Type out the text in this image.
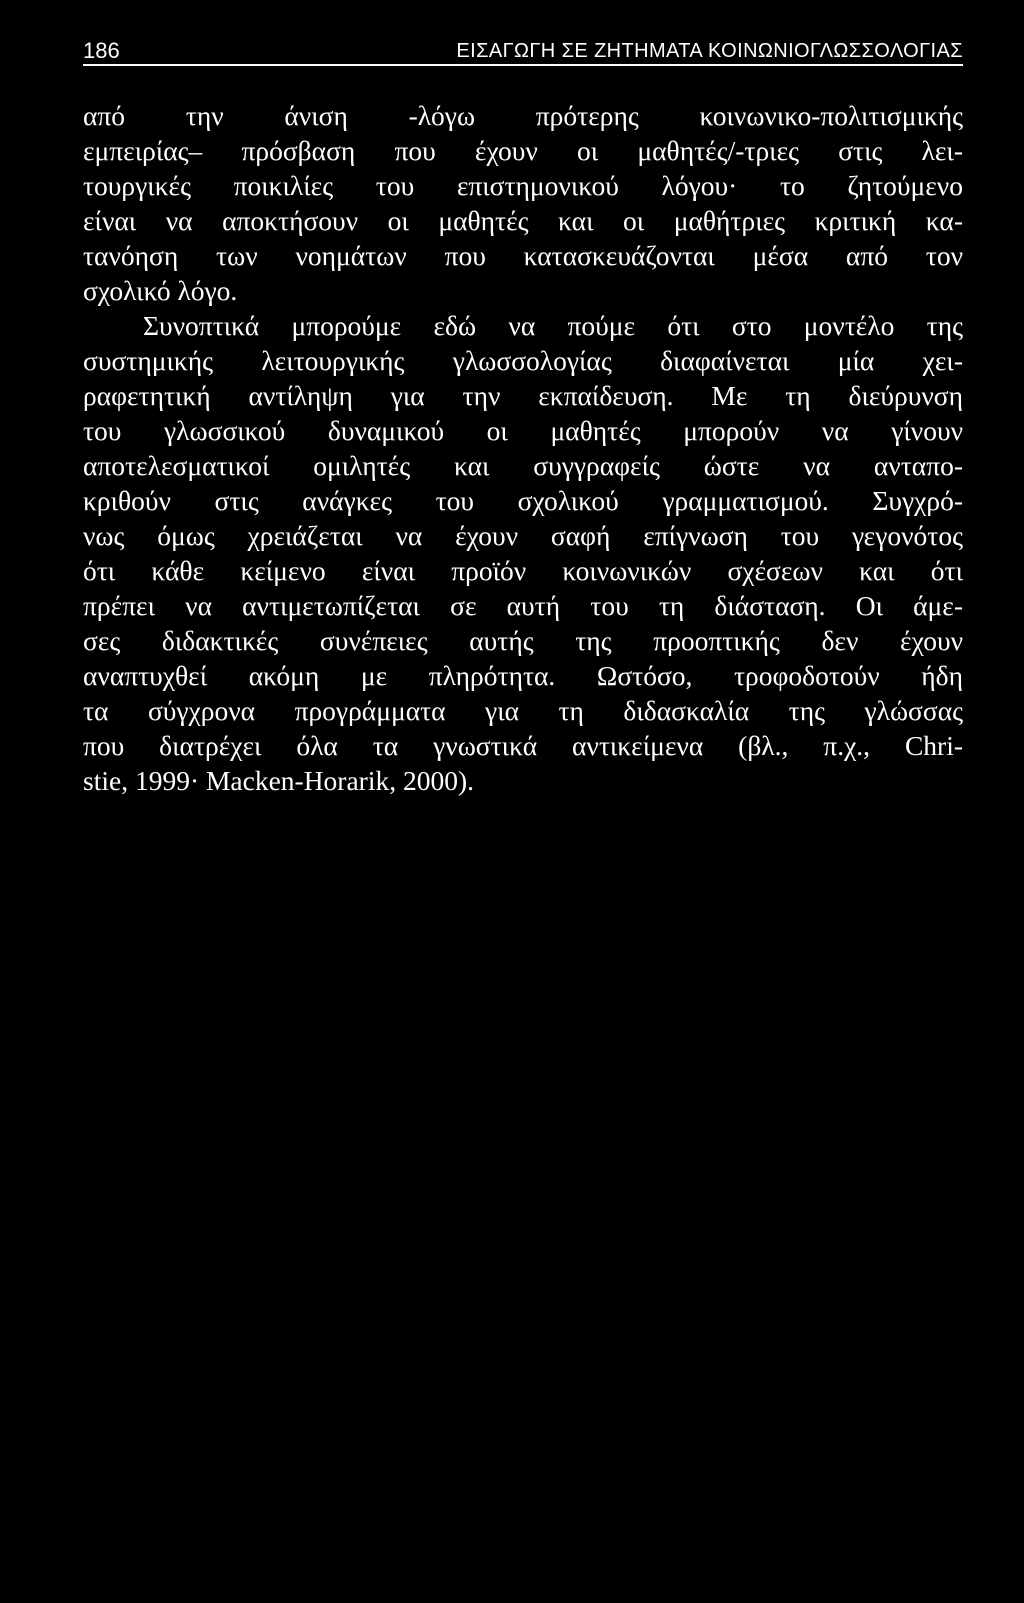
186	ΕΙΣΑΓΩΓΗ ΣΕ ΖΗΤΗΜΑΤΑ ΚΟΙΝΩΝΙΟΓΛΩΣΣΟΛΟΓΙΑΣ
από την άνιση -λόγω πρότερης κοινωνικο-πολιτισμικής
εμπειρίας– πρόσβαση που έχουν οι μαθητές/-τριες στις λει-
τουργικές ποικιλίες του επιστημονικού λόγου· το ζητούμενο
είναι να αποκτήσουν οι μαθητές και οι μαθήτριες κριτική κα-
τανόηση των νοημάτων που κατασκευάζονται μέσα από τον
σχολικό λόγο.
Συνοπτικά μπορούμε εδώ να πούμε ότι στο μοντέλο της
συστημικής λειτουργικής γλωσσολογίας διαφαίνεται μία χει-
ραφετητική αντίληψη για την εκπαίδευση. Με τη διεύρυνση
του γλωσσικού δυναμικού οι μαθητές μπορούν να γίνουν
αποτελεσματικοί ομιλητές και συγγραφείς ώστε να ανταπο-
κριθούν στις ανάγκες του σχολικού γραμματισμού. Συγχρό-
νως όμως χρειάζεται να έχουν σαφή επίγνωση του γεγονότος
ότι κάθε κείμενο είναι προϊόν κοινωνικών σχέσεων και ότι
πρέπει να αντιμετωπίζεται σε αυτή του τη διάσταση. Οι άμε-
σες διδακτικές συνέπειες αυτής της προοπτικής δεν έχουν
αναπτυχθεί ακόμη με πληρότητα. Ωστόσο, τροφοδοτούν ήδη
τα σύγχρονα προγράμματα για τη διδασκαλία της γλώσσας
που διατρέχει όλα τα γνωστικά αντικείμενα (βλ., π.χ., Chri-
stie, 1999· Macken-Horarik, 2000).
